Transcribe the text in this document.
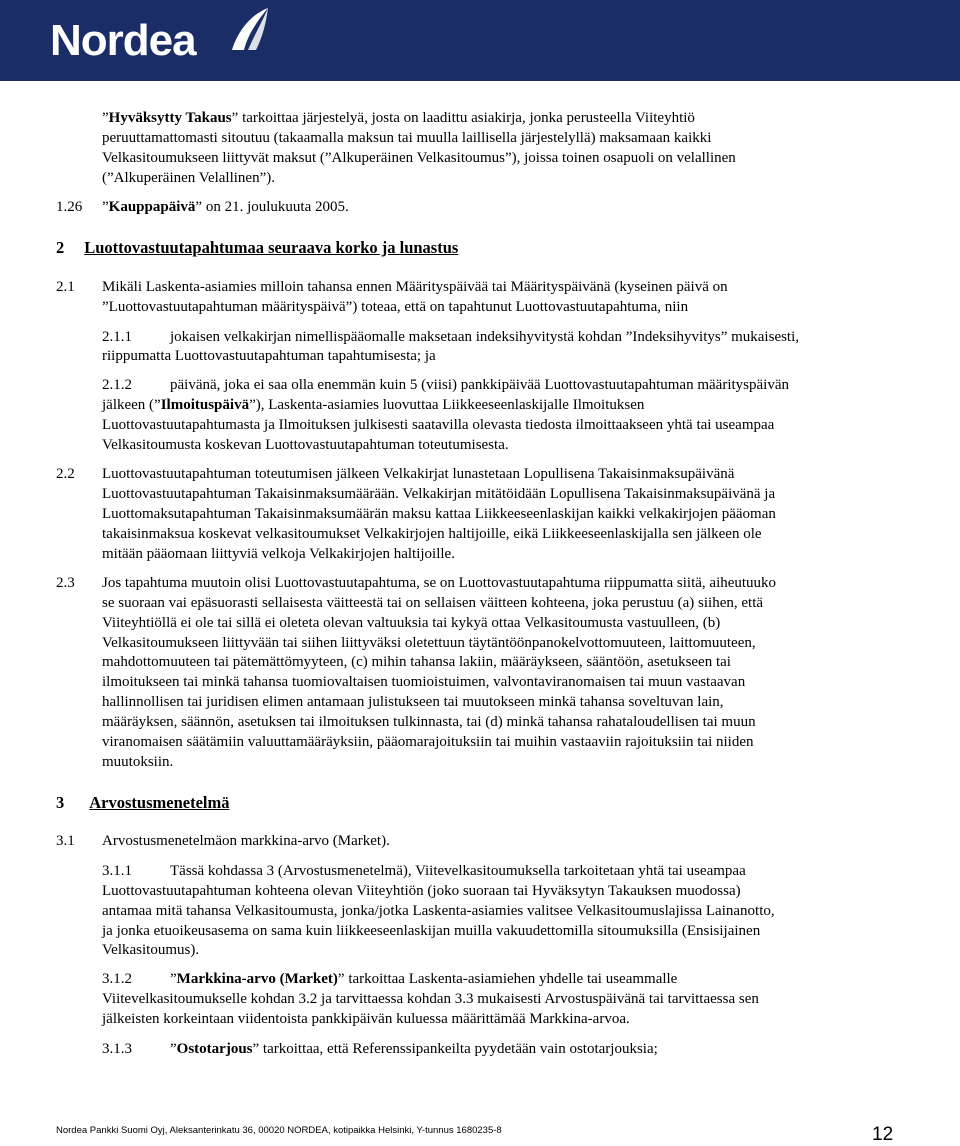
Nordea

”Hyväksytty Takaus” tarkoittaa järjestelyä, josta on laadittu asiakirja, jonka perusteella Viiteyhtiö

peruuttamattomasti sitoutuu (takaamalla maksun tai muulla laillisella järjestelyllä) maksamaan kaikki

Velkasitoumukseen liittyvät maksut (”Alkuperäinen Velkasitoumus”), joissa toinen osapuoli on velallinen

(”Alkuperäinen Velallinen”).

1.26 ”Kauppapäivä” on 21. joulukuuta 2005.

2 Luottovastuutapahtumaa seuraava korko ja lunastus
2.1 Mikäli Laskenta-asiamies milloin tahansa ennen Määrityspäivää tai Määrityspäivänä (kyseinen päivä on

”Luottovastuutapahtuman määrityspäivä”) toteaa, että on tapahtunut Luottovastuutapahtuma, niin

2.1.1	jokaisen velkakirjan nimellispääomalle maksetaan indeksihyvitystä kohdan ”Indeksihyvitys” mukaisesti,

riippumatta Luottovastuutapahtuman tapahtumisesta; ja

2.1.2	päivänä, joka ei saa olla enemmän kuin 5 (viisi) pankkipäivää Luottovastuutapahtuman määrityspäivän

jälkeen (”Ilmoituspäivä”), Laskenta-asiamies luovuttaa Liikkeeseenlaskijalle Ilmoituksen

Luottovastuutapahtumasta ja Ilmoituksen julkisesti saatavilla olevasta tiedosta ilmoittaakseen yhtä tai useampaa

Velkasitoumusta koskevan Luottovastuutapahtuman toteutumisesta.

2.2 Luottovastuutapahtuman toteutumisen jälkeen Velkakirjat lunastetaan Lopullisena Takaisinmaksupäivänä

Luottovastuutapahtuman Takaisinmaksumäärään. Velkakirjan mitätöidään Lopullisena Takaisinmaksupäivänä ja

Luottomaksutapahtuman Takaisinmaksumäärän maksu kattaa Liikkeeseenlaskijan kaikki velkakirjojen pääoman

takaisinmaksua koskevat velkasitoumukset Velkakirjojen haltijoille, eikä Liikkeeseenlaskijalla sen jälkeen ole

mitään pääomaan liittyviä velkoja Velkakirjojen haltijoille.

2.3 Jos tapahtuma muutoin olisi Luottovastuutapahtuma, se on Luottovastuutapahtuma riippumatta siitä, aiheutuuko

se suoraan vai epäsuorasti sellaisesta väitteestä tai on sellaisen väitteen kohteena, joka perustuu (a) siihen, että

Viiteyhtiöllä ei ole tai sillä ei oleteta olevan valtuuksia tai kykyä ottaa Velkasitoumusta vastuulleen, (b)

Velkasitoumukseen liittyvään tai siihen liittyväksi oletettuun täytäntöönpanokelvottomuuteen, laittomuuteen,

mahdottomuuteen tai pätemättömyyteen, (c) mihin tahansa lakiin, määräykseen, sääntöön, asetukseen tai

ilmoitukseen tai minkä tahansa tuomiovaltaisen tuomioistuimen, valvontaviranomaisen tai muun vastaavan

hallinnollisen tai juridisen elimen antamaan julistukseen tai muutokseen minkä tahansa soveltuvan lain,

määräyksen, säännön, asetuksen tai ilmoituksen tulkinnasta, tai (d) minkä tahansa rahataloudellisen tai muun

viranomaisen säätämiin valuuttamääräyksiin, pääomarajoituksiin tai muihin vastaaviin rajoituksiin tai niiden

muutoksiin.

3 Arvostusmenetelmä
3.1 Arvostusmenetelmäon markkina-arvo (Market).

3.1.1	Tässä kohdassa 3 (Arvostusmenetelmä), Viitevelkasitoumuksella tarkoitetaan yhtä tai useampaa

Luottovastuutapahtuman kohteena olevan Viiteyhtiön (joko suoraan tai Hyväksytyn Takauksen muodossa)

antamaa mitä tahansa Velkasitoumusta, jonka/jotka Laskenta-asiamies valitsee Velkasitoumuslajissa Lainanotto,

ja jonka etuoikeusasema on sama kuin liikkeeseenlaskijan muilla vakuudettomilla sitoumuksilla (Ensisijainen

Velkasitoumus).

3.1.2	”Markkina-arvo (Market)” tarkoittaa Laskenta-asiamiehen yhdelle tai useammalle

Viitevelkasitoumukselle kohdan 3.2 ja tarvittaessa kohdan 3.3 mukaisesti Arvostuspäivänä tai tarvittaessa sen

jälkeisten korkeintaan viidentoista pankkipäivän kuluessa määrittämää Markkina-arvoa.

3.1.3	”Ostotarjous” tarkoittaa, että Referenssipankeilta pyydetään vain ostotarjouksia;

Nordea Pankki Suomi Oyj, Aleksanterinkatu 36, 00020 NORDEA, kotipaikka Helsinki, Y-tunnus 1680235-8	12
